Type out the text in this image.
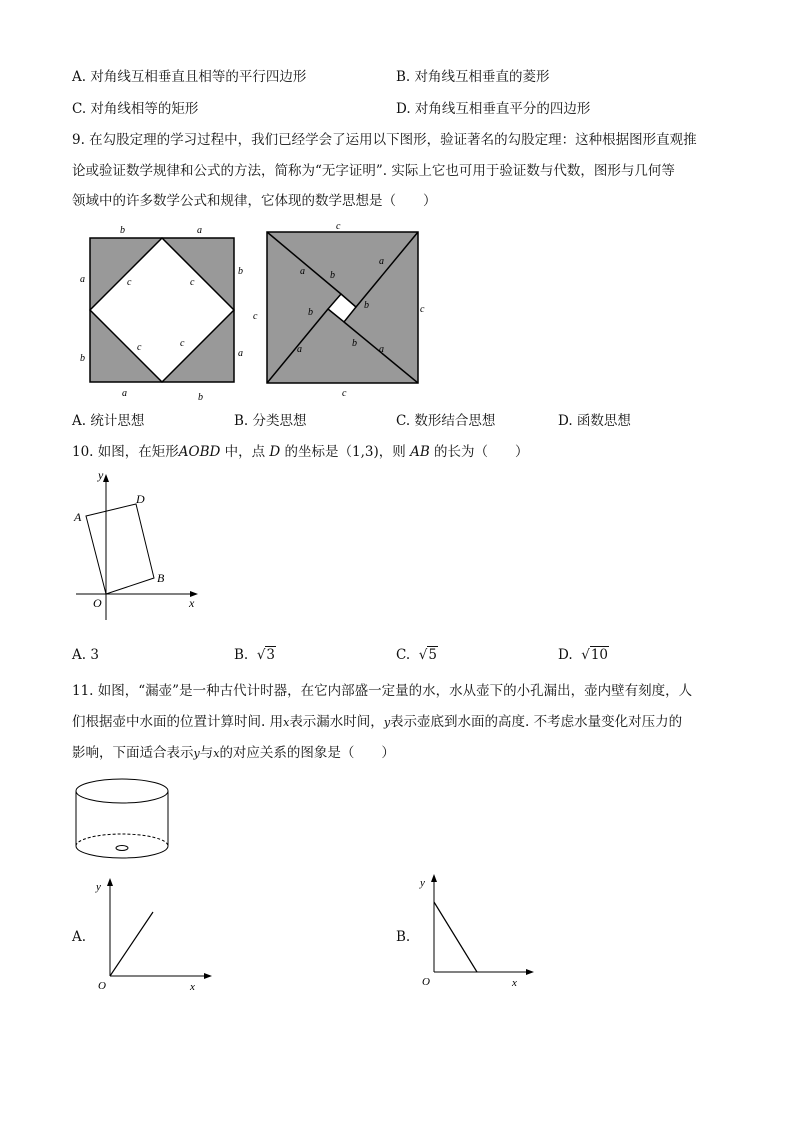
A. 对角线互相垂直且相等的平行四边形	B. 对角线互相垂直的菱形
C. 对角线相等的矩形	D. 对角线互相垂直平分的四边形
9. 在勾股定理的学习过程中，我们已经学会了运用以下图形，验证著名的勾股定理：这种根据图形直观推
论或验证数学规律和公式的方法，简称为“无字证明”. 实际上它也可用于验证数与代数，图形与几何等
领域中的许多数学公式和规律，它体现的数学思想是（　　）
b	a
a
b
b
a
a	b
c	c
c	c
c
c
c
c
a	b
a
b
b
a
b
a
A. 统计思想	B. 分类思想	C. 数形结合思想	D. 函数思想
10. 如图，在矩形AOBD 中，点 D 的坐标是（1,3)，则 AB 的长为（　　）
y
x
O
A
D
B
A. 3	B. √3	C. √5	D. √10
11. 如图，“漏壶”是一种古代计时器，在它内部盛一定量的水，水从壶下的小孔漏出，壶内壁有刻度，人
们根据壶中水面的位置计算时间. 用x表示漏水时间，y表示壶底到水面的高度. 不考虑水量变化对压力的
影响，下面适合表示y与x的对应关系的图象是（　　）
A.
y
x
O
B.
y
x
O
